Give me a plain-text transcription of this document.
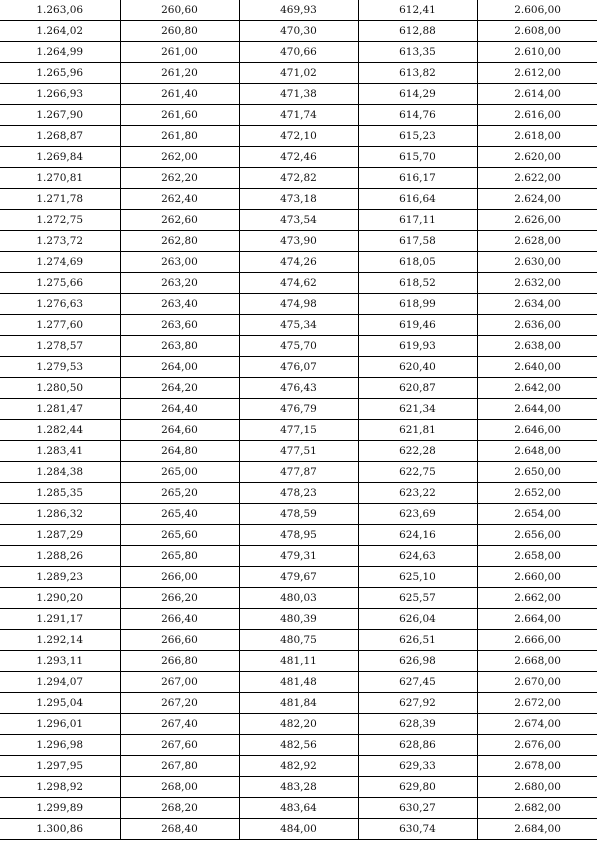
1.263,06	260,60	469,93	612,41	2.606,00
1.264,02	260,80	470,30	612,88	2.608,00
1.264,99	261,00	470,66	613,35	2.610,00
1.265,96	261,20	471,02	613,82	2.612,00
1.266,93	261,40	471,38	614,29	2.614,00
1.267,90	261,60	471,74	614,76	2.616,00
1.268,87	261,80	472,10	615,23	2.618,00
1.269,84	262,00	472,46	615,70	2.620,00
1.270,81	262,20	472,82	616,17	2.622,00
1.271,78	262,40	473,18	616,64	2.624,00
1.272,75	262,60	473,54	617,11	2.626,00
1.273,72	262,80	473,90	617,58	2.628,00
1.274,69	263,00	474,26	618,05	2.630,00
1.275,66	263,20	474,62	618,52	2.632,00
1.276,63	263,40	474,98	618,99	2.634,00
1.277,60	263,60	475,34	619,46	2.636,00
1.278,57	263,80	475,70	619,93	2.638,00
1.279,53	264,00	476,07	620,40	2.640,00
1.280,50	264,20	476,43	620,87	2.642,00
1.281,47	264,40	476,79	621,34	2.644,00
1.282,44	264,60	477,15	621,81	2.646,00
1.283,41	264,80	477,51	622,28	2.648,00
1.284,38	265,00	477,87	622,75	2.650,00
1.285,35	265,20	478,23	623,22	2.652,00
1.286,32	265,40	478,59	623,69	2.654,00
1.287,29	265,60	478,95	624,16	2.656,00
1.288,26	265,80	479,31	624,63	2.658,00
1.289,23	266,00	479,67	625,10	2.660,00
1.290,20	266,20	480,03	625,57	2.662,00
1.291,17	266,40	480,39	626,04	2.664,00
1.292,14	266,60	480,75	626,51	2.666,00
1.293,11	266,80	481,11	626,98	2.668,00
1.294,07	267,00	481,48	627,45	2.670,00
1.295,04	267,20	481,84	627,92	2.672,00
1.296,01	267,40	482,20	628,39	2.674,00
1.296,98	267,60	482,56	628,86	2.676,00
1.297,95	267,80	482,92	629,33	2.678,00
1.298,92	268,00	483,28	629,80	2.680,00
1.299,89	268,20	483,64	630,27	2.682,00
1.300,86	268,40	484,00	630,74	2.684,00
